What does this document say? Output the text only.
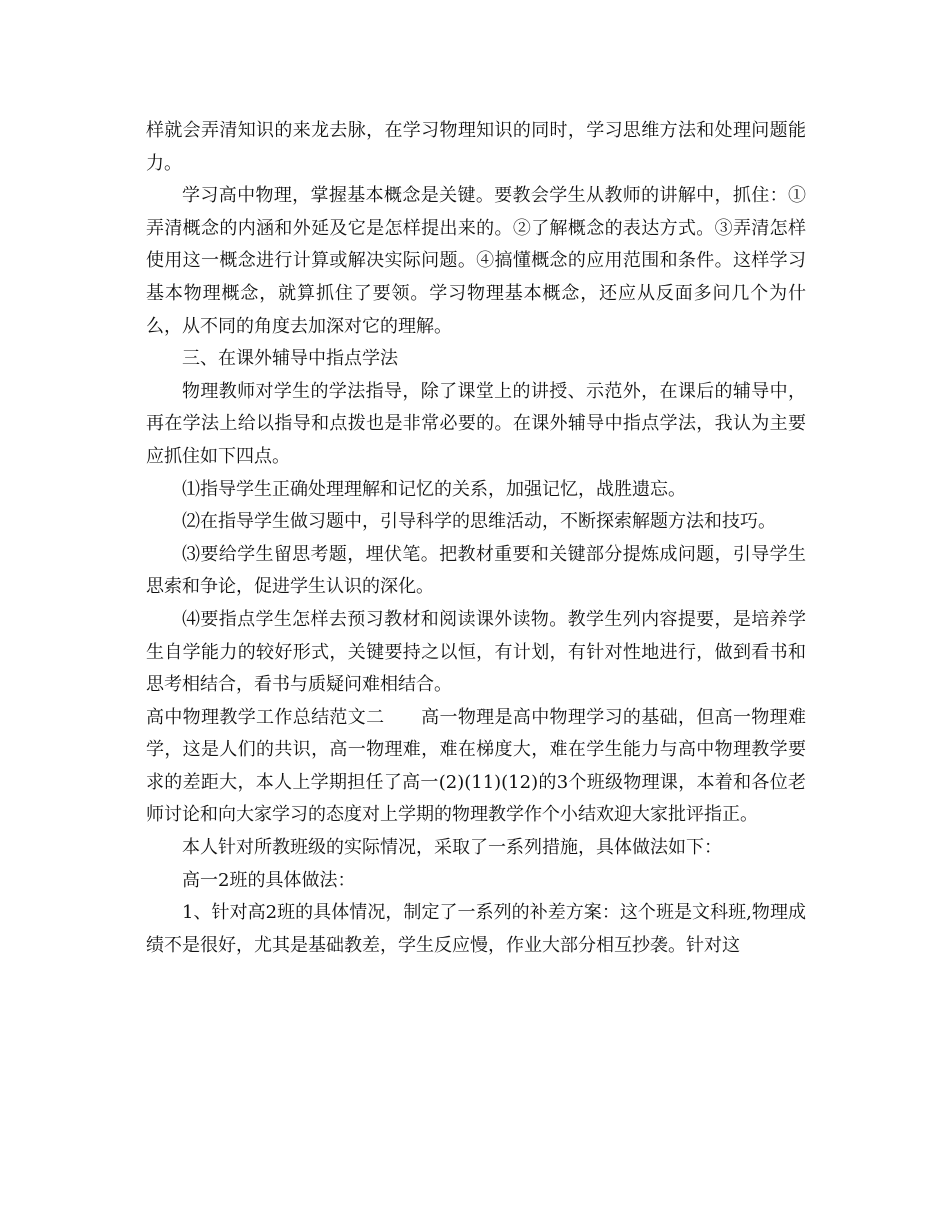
样就会弄清知识的来龙去脉，在学习物理知识的同时，学习思维方法和处理问题能力。

学习高中物理，掌握基本概念是关键。要教会学生从教师的讲解中，抓住：①弄清概念的内涵和外延及它是怎样提出来的。②了解概念的表达方式。③弄清怎样使用这一概念进行计算或解决实际问题。④搞懂概念的应用范围和条件。这样学习基本物理概念，就算抓住了要领。学习物理基本概念，还应从反面多问几个为什么，从不同的角度去加深对它的理解。

三、在课外辅导中指点学法

物理教师对学生的学法指导，除了课堂上的讲授、示范外，在课后的辅导中，再在学法上给以指导和点拨也是非常必要的。在课外辅导中指点学法，我认为主要应抓住如下四点。

⑴指导学生正确处理理解和记忆的关系，加强记忆，战胜遗忘。

⑵在指导学生做习题中，引导科学的思维活动，不断探索解题方法和技巧。

⑶要给学生留思考题，埋伏笔。把教材重要和关键部分提炼成问题，引导学生思索和争论，促进学生认识的深化。

⑷要指点学生怎样去预习教材和阅读课外读物。教学生列内容提要，是培养学生自学能力的较好形式，关键要持之以恒，有计划，有针对性地进行，做到看书和思考相结合，看书与质疑问难相结合。

高中物理教学工作总结范文二　　高一物理是高中物理学习的基础，但高一物理难学，这是人们的共识，高一物理难，难在梯度大，难在学生能力与高中物理教学要求的差距大，本人上学期担任了高一(2)(11)(12)的3个班级物理课，本着和各位老师讨论和向大家学习的态度对上学期的物理教学作个小结欢迎大家批评指正。

本人针对所教班级的实际情况，采取了一系列措施，具体做法如下：

高一2班的具体做法：

1、针对高2班的具体情况，制定了一系列的补差方案：这个班是文科班,物理成绩不是很好，尤其是基础教差，学生反应慢，作业大部分相互抄袭。针对这
